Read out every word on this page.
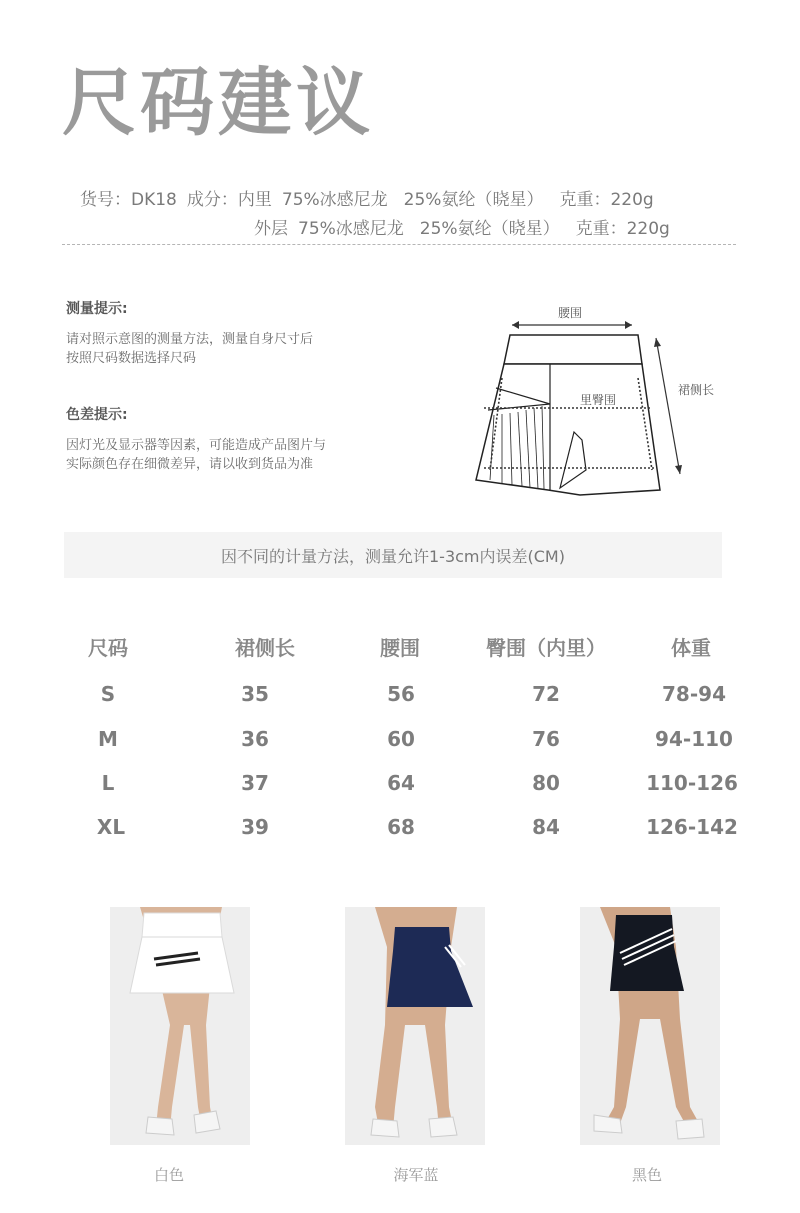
尺码建议
货号：DK18 成分：内里 75%冰感尼龙 25%氨纶（晓星） 克重：220g
外层 75%冰感尼龙 25%氨纶（晓星） 克重：220g
测量提示:
请对照示意图的测量方法，测量自身尺寸后
按照尺码数据选择尺码
色差提示:
因灯光及显示器等因素，可能造成产品图片与
实际颜色存在细微差异，请以收到货品为准
腰围
里臀围
裙侧长
因不同的计量方法，测量允许1-3cm内误差(CM)
尺码	裙侧长	腰围	臀围（内里）	体重
S	35	56	72	78-94
M	36	60	76	94-110
L	37	64	80	110-126
XL	39	68	84	126-142
白色	海军蓝	黑色
